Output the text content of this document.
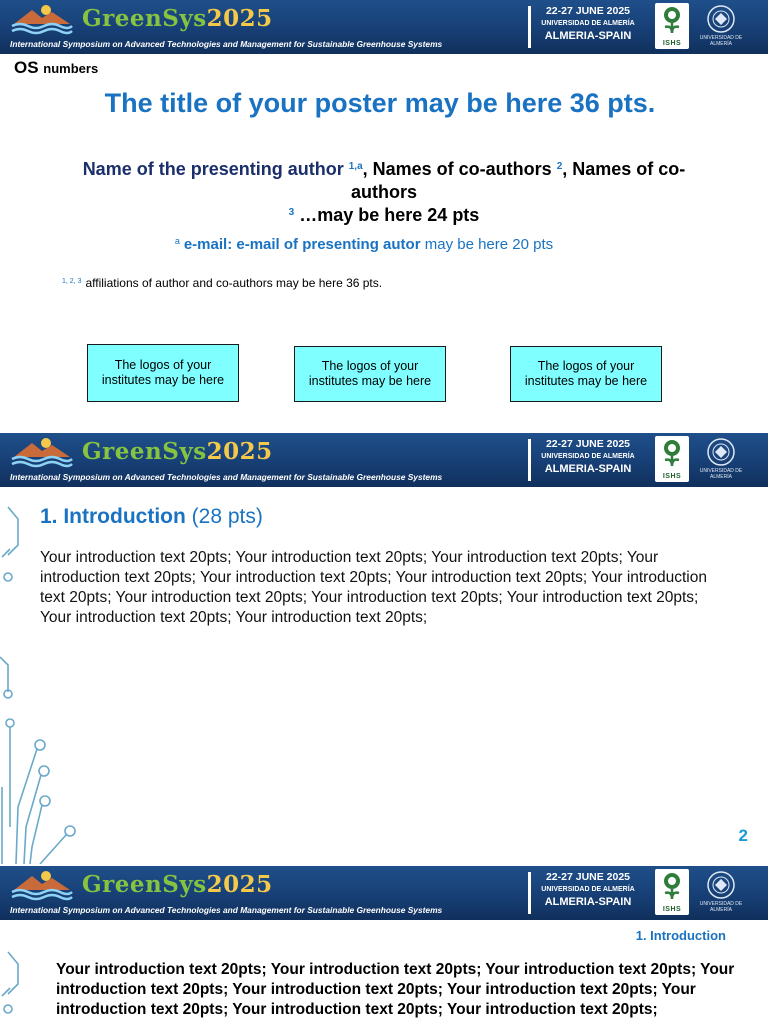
GreenSys2025
International Symposium on Advanced Technologies and Management for Sustainable Greenhouse Systems
22-27 JUNE 2025
UNIVERSIDAD DE ALMERÍA
ALMERIA-SPAIN
ISHS
UNIVERSIDAD DE ALMERÍA
OS numbers
The title of your poster may be here 36 pts.
Name of the presenting author $^{1,a}$, Names of co-authors $^2$, Names of co-authors
$^3$ …may be here 24 pts
$^a$ e-mail: e-mail of presenting autor may be here 20 pts
$^{1, 2, 3}$ affiliations of author and co-authors may be here 36 pts.
The logos of your institutes may be here
The logos of your institutes may be here
The logos of your institutes may be here
GreenSys2025
International Symposium on Advanced Technologies and Management for Sustainable Greenhouse Systems
22-27 JUNE 2025
UNIVERSIDAD DE ALMERÍA
ALMERIA-SPAIN
ISHS
UNIVERSIDAD DE ALMERÍA
1. Introduction (28 pts)
Your introduction text 20pts; Your introduction text 20pts; Your introduction text 20pts; Your introduction text 20pts; Your introduction text 20pts; Your introduction text 20pts; Your introduction text 20pts; Your introduction text 20pts; Your introduction text 20pts; Your introduction text 20pts; Your introduction text 20pts; Your introduction text 20pts;
2
GreenSys2025
International Symposium on Advanced Technologies and Management for Sustainable Greenhouse Systems
22-27 JUNE 2025
UNIVERSIDAD DE ALMERÍA
ALMERIA-SPAIN
ISHS
UNIVERSIDAD DE ALMERÍA
1. Introduction
Your introduction text 20pts; Your introduction text 20pts; Your introduction text 20pts; Your introduction text 20pts; Your introduction text 20pts; Your introduction text 20pts; Your introduction text 20pts; Your introduction text 20pts; Your introduction text 20pts;
